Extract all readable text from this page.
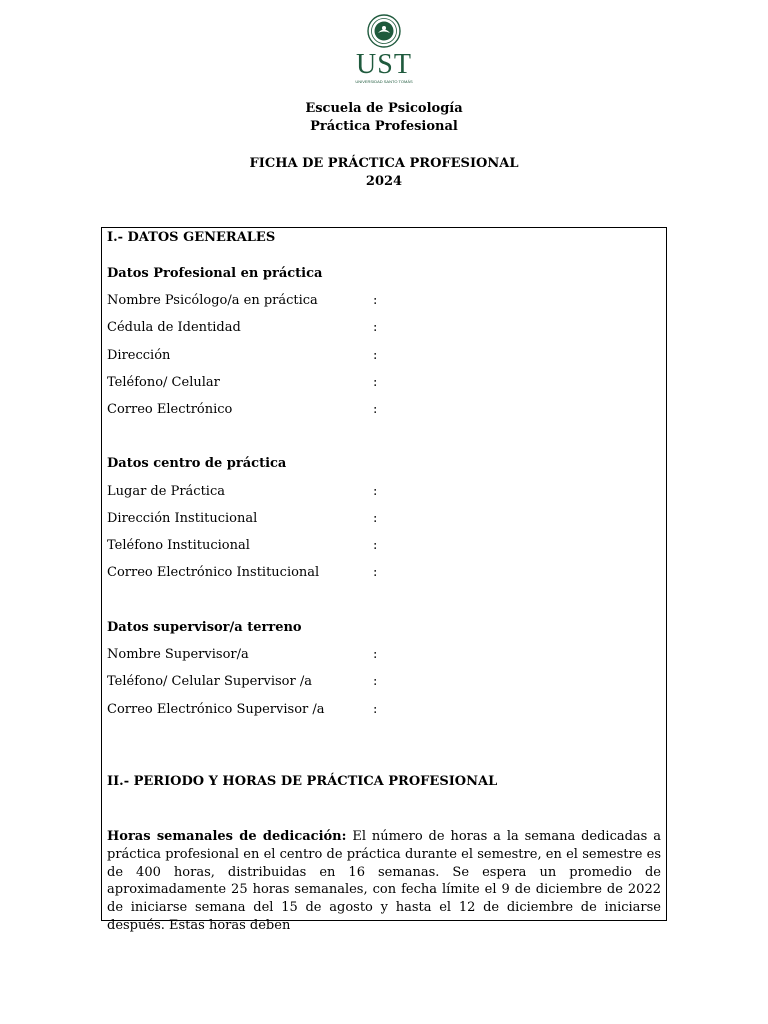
UST
UNIVERSIDAD SANTO TOMÁS
Escuela de Psicología
Práctica Profesional
FICHA DE PRÁCTICA PROFESIONAL
2024
I.- DATOS GENERALES
Datos Profesional en práctica
Nombre Psicólogo/a en práctica	:
Cédula de Identidad	:
Dirección	:
Teléfono/ Celular	:
Correo Electrónico	:
Datos centro de práctica
Lugar de Práctica	:
Dirección Institucional	:
Teléfono Institucional	:
Correo Electrónico Institucional	:
Datos supervisor/a terreno
Nombre Supervisor/a	:
Teléfono/ Celular Supervisor /a	:
Correo Electrónico Supervisor /a	:
II.- PERIODO Y HORAS DE PRÁCTICA PROFESIONAL
Horas semanales de dedicación: El número de horas a la semana dedicadas a práctica profesional en el centro de práctica durante el semestre, en el semestre es de 400 horas, distribuidas en 16 semanas. Se espera un promedio de aproximadamente 25 horas semanales, con fecha límite el 9 de diciembre de 2022 de iniciarse semana del 15 de agosto y hasta el 12 de diciembre de iniciarse después. Estas horas deben
